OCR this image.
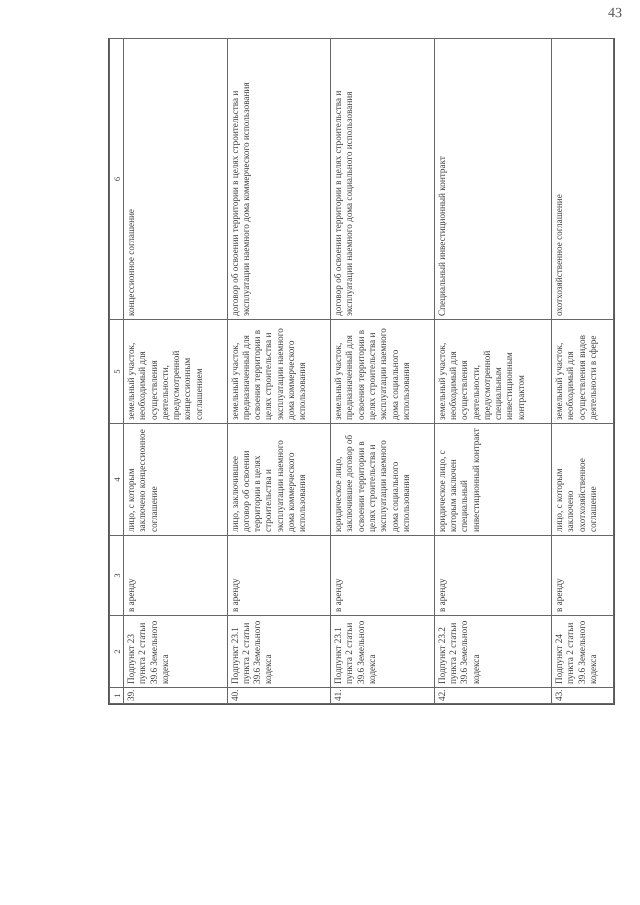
43
1	2	3	4	5	6
39.	Подпункт 23 пункта 2 статьи 39.6 Земельного кодекса	в аренду	лицо, с которым заключено концессионное соглашение	земельный участок, необходимый для осуществления деятельности, предусмотренной концессионным соглашением	концессионное соглашение
40.	Подпункт 23.1 пункта 2 статьи 39.6 Земельного кодекса	в аренду	лицо, заключившее договор об освоении территории в целях строительства и эксплуатации наемного дома коммерческого использования	земельный участок, предназначенный для освоения территории в целях строительства и эксплуатации наемного дома коммерческого использования	договор об освоении территории в целях строительства и эксплуатации наемного дома коммерческого использования
41.	Подпункт 23.1 пункта 2 статьи 39.6 Земельного кодекса	в аренду	юридическое лицо, заключившее договор об освоении территории в целях строительства и эксплуатации наемного дома социального использования	земельный участок, предназначенный для освоения территории в целях строительства и эксплуатации наемного дома социального использования	договор об освоении территории в целях строительства и эксплуатации наемного дома социального использования
42.	Подпункт 23.2 пункта 2 статьи 39.6 Земельного кодекса	в аренду	юридическое лицо, с которым заключен специальный инвестиционный контракт	земельный участок, необходимый для осуществления деятельности, предусмотренной специальным инвестиционным контрактом	Специальный инвестиционный контракт
43.	Подпункт 24 пункта 2 статьи 39.6 Земельного кодекса	в аренду	лицо, с которым заключено охотхозяйственное соглашение	земельный участок, необходимый для осуществления видов деятельности в сфере	охотхозяйственное соглашение
